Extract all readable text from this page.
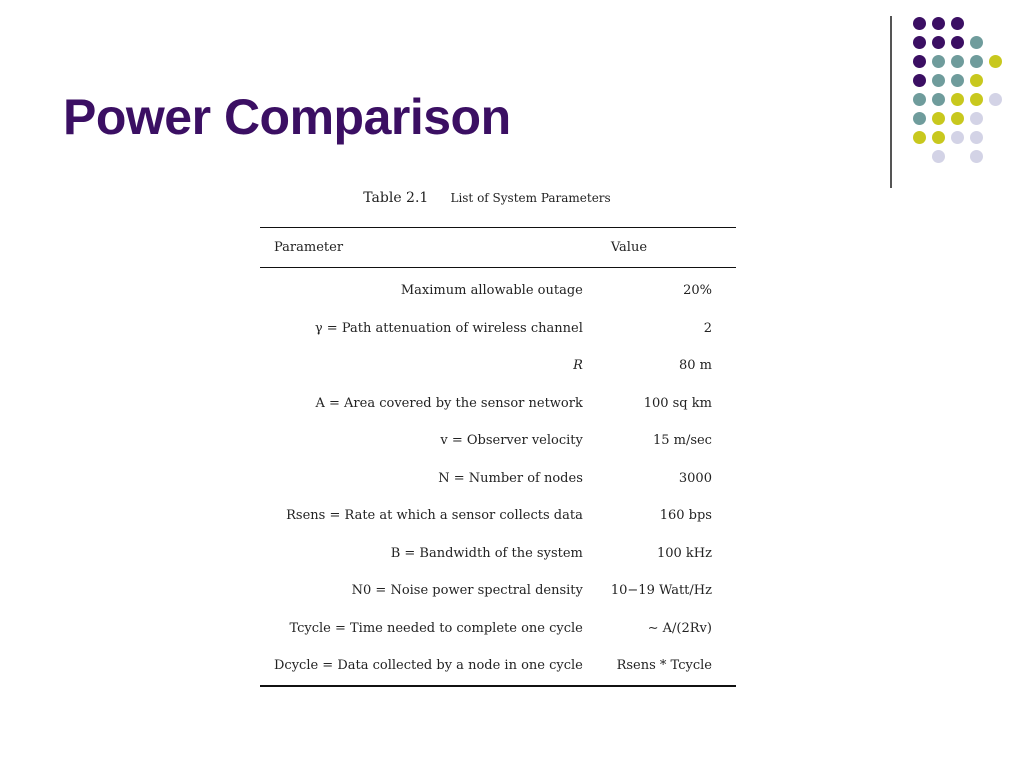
Power Comparison
Table 2.1 List of System Parameters
Parameter	Value
Maximum allowable outage	20%
γ = Path attenuation of wireless channel	2
R	80 m
A = Area covered by the sensor network	100 sq km
v = Observer velocity	15 m/sec
N = Number of nodes	3000
Rsens = Rate at which a sensor collects data	160 bps
B = Bandwidth of the system	100 kHz
N0 = Noise power spectral density	10−19 Watt/Hz
Tcycle = Time needed to complete one cycle	∼ A/(2Rv)
Dcycle = Data collected by a node in one cycle	Rsens * Tcycle
